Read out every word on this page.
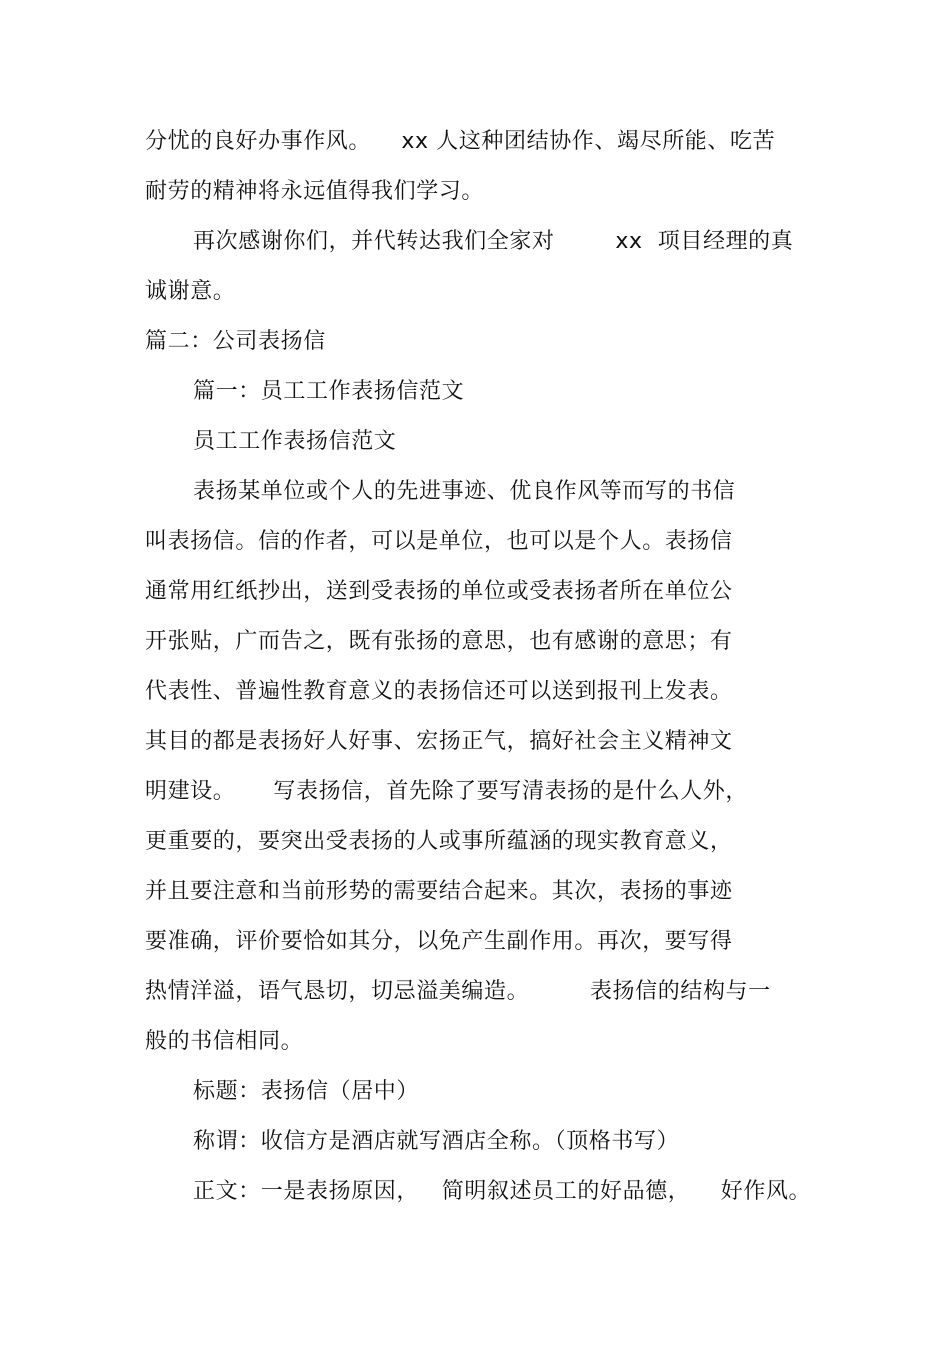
分忧的良好办事作风。    xx 人这种团结协作、竭尽所能、吃苦
耐劳的精神将永远值得我们学习。
再次感谢你们，并代转达我们全家对        xx  项目经理的真
诚谢意。
篇二：公司表扬信
篇一：员工工作表扬信范文
员工工作表扬信范文
表扬某单位或个人的先进事迹、优良作风等而写的书信
叫表扬信。信的作者，可以是单位，也可以是个人。表扬信
通常用红纸抄出，送到受表扬的单位或受表扬者所在单位公
开张贴，广而告之，既有张扬的意思，也有感谢的意思；有
代表性、普遍性教育意义的表扬信还可以送到报刊上发表。
其目的都是表扬好人好事、宏扬正气，搞好社会主义精神文
明建设。     写表扬信，首先除了要写清表扬的是什么人外，
更重要的，要突出受表扬的人或事所蕴涵的现实教育意义，
并且要注意和当前形势的需要结合起来。其次，表扬的事迹
要准确，评价要恰如其分，以免产生副作用。再次，要写得
热情洋溢，语气恳切，切忌溢美编造。        表扬信的结构与一
般的书信相同。
标题：表扬信（居中）
称谓：收信方是酒店就写酒店全称。（顶格书写）
正文：一是表扬原因，   简明叙述员工的好品德，    好作风。
